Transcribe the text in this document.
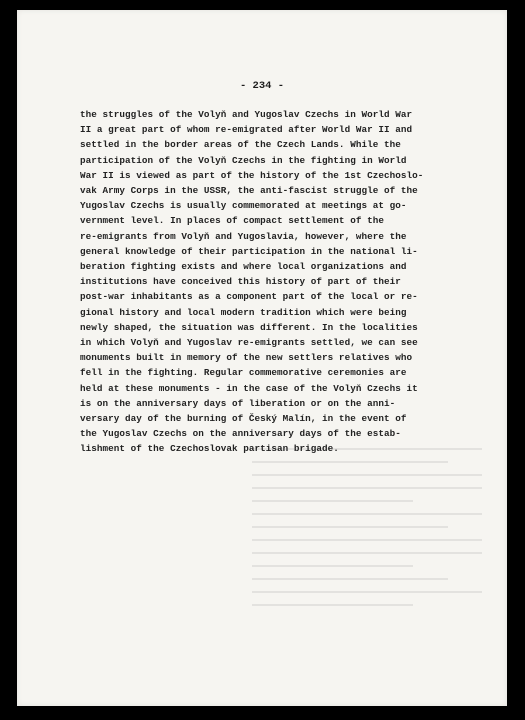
- 234 -
the struggles of the Volyň and Yugoslav Czechs in World War
II a great part of whom re-emigrated after World War II and
settled in the border areas of the Czech Lands. While the
participation of the Volyň Czechs in the fighting in World
War II is viewed as part of the history of the 1st Czechoslo-
vak Army Corps in the USSR, the anti-fascist struggle of the
Yugoslav Czechs is usually commemorated at meetings at go-
vernment level. In places of compact settlement of the
re-emigrants from Volyň and Yugoslavia, however, where the
general knowledge of their participation in the national li-
beration fighting exists and where local organizations and
institutions have conceived this history of part of their
post-war inhabitants as a component part of the local or re-
gional history and local modern tradition which were being
newly shaped, the situation was different. In the localities
in which Volyň and Yugoslav re-emigrants settled, we can see
monuments built in memory of the new settlers relatives who
fell in the fighting. Regular commemorative ceremonies are
held at these monuments - in the case of the Volyň Czechs it
is on the anniversary days of liberation or on the anni-
versary day of the burning of Český Malín, in the event of
the Yugoslav Czechs on the anniversary days of the estab-
lishment of the Czechoslovak
